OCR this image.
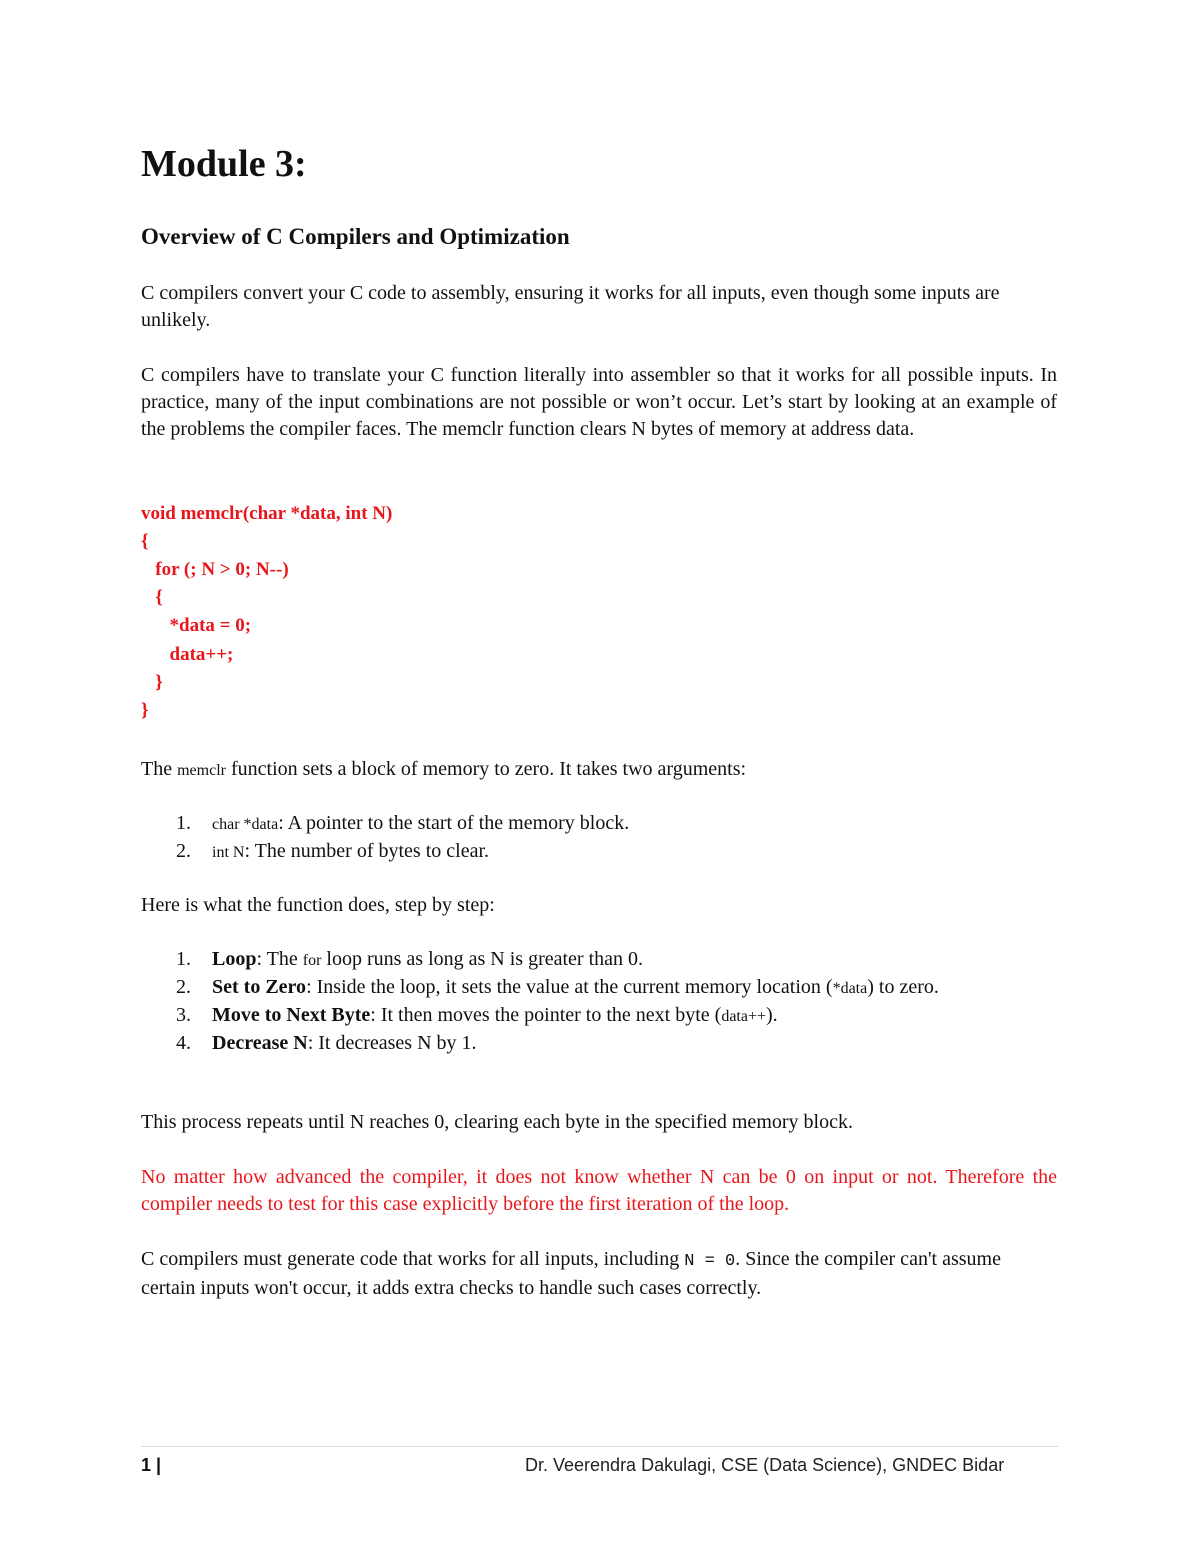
Module 3:
Overview of C Compilers and Optimization

C compilers convert your C code to assembly, ensuring it works for all inputs, even though some inputs are unlikely.

C compilers have to translate your C function literally into assembler so that it works for all possible inputs. In practice, many of the input combinations are not possible or won’t occur. Let’s start by looking at an example of the problems the compiler faces. The memclr function clears N bytes of memory at address data.

void memclr(char *data, int N)
{
for (; N > 0; N--)
{
*data = 0;
data++;
}
}

The memclr function sets a block of memory to zero. It takes two arguments:

1. char *data: A pointer to the start of the memory block.
2. int N: The number of bytes to clear.

Here is what the function does, step by step:

1. Loop: The for loop runs as long as N is greater than 0.
2. Set to Zero: Inside the loop, it sets the value at the current memory location (*data) to zero.
3. Move to Next Byte: It then moves the pointer to the next byte (data++).
4. Decrease N: It decreases N by 1.

This process repeats until N reaches 0, clearing each byte in the specified memory block.

No matter how advanced the compiler, it does not know whether N can be 0 on input or not. Therefore the compiler needs to test for this case explicitly before the first iteration of the loop.

C compilers must generate code that works for all inputs, including N = 0. Since the compiler can't assume certain inputs won't occur, it adds extra checks to handle such cases correctly.

1 |	Dr. Veerendra Dakulagi, CSE (Data Science), GNDEC Bidar
